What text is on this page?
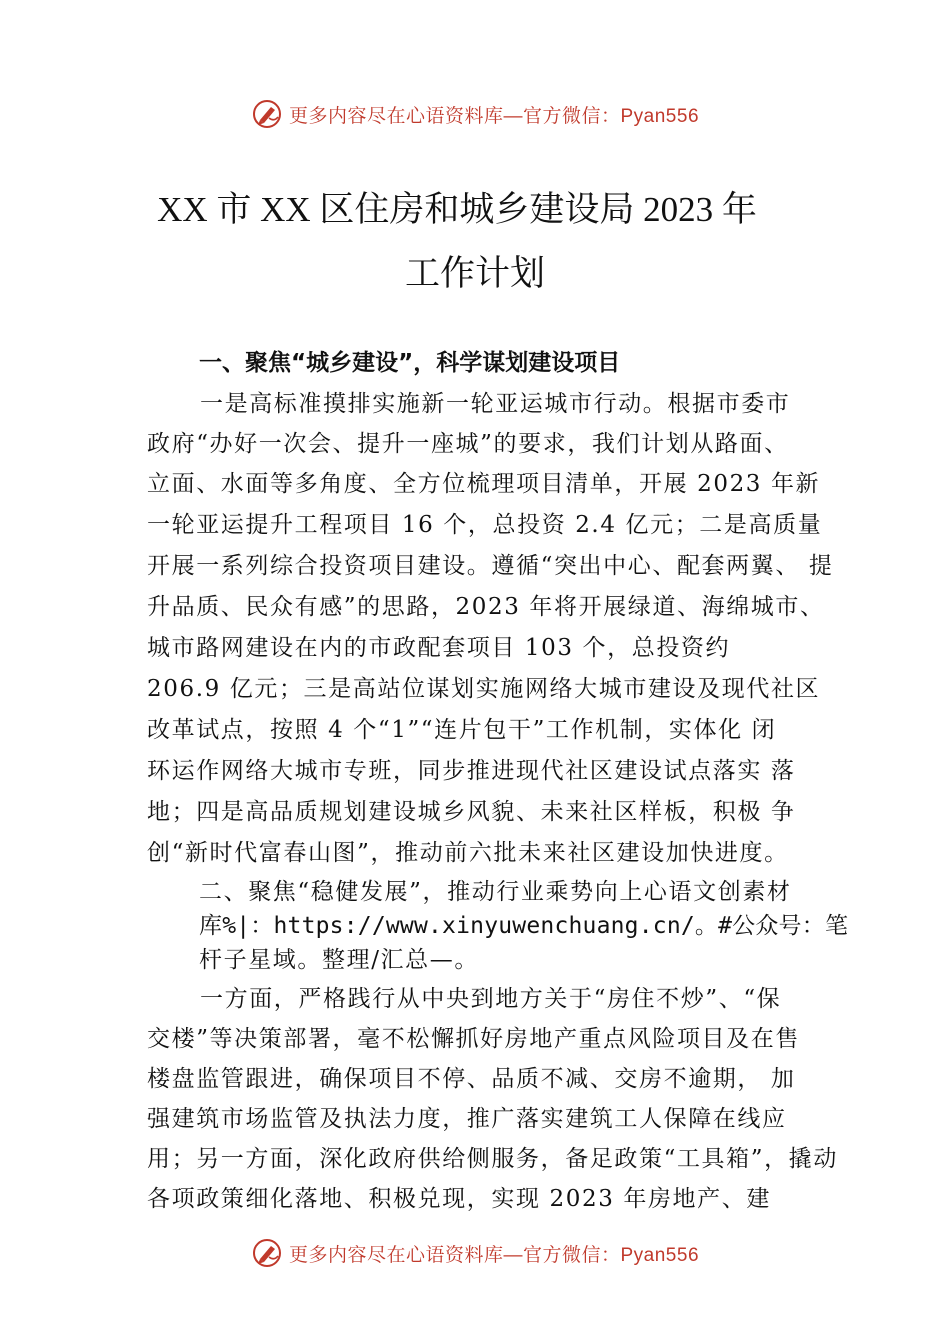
更多内容尽在心语资料库 —官方微信：Pyan556
XX 市 XX 区住房和城乡建设局 2023 年
工作计划
一、聚焦“城乡建设”，科学谋划建设项目
一是高标准摸排实施新一轮亚运城市行动。根据市委市
政府“办好一次会、提升一座城”的要求，我们计划从路面、
立面、水面等多角度、全方位梳理项目清单，开展 2023 年新
一轮亚运提升工程项目 16 个，总投资 2.4 亿元；二是高质量
开展一系列综合投资项目建设。遵循“突出中心、配套两翼、 提
升品质、民众有感”的思路，2023 年将开展绿道、海绵城市、
城市路网建设在内的市政配套项目 103 个，总投资约
206.9 亿元；三是高站位谋划实施网络大城市建设及现代社区
改革试点，按照 4 个“1”“连片包干”工作机制，实体化 闭
环运作网络大城市专班，同步推进现代社区建设试点落实 落
地；四是高品质规划建设城乡风貌、未来社区样板，积极 争
创“新时代富春山图”，推动前六批未来社区建设加快进度。
二、聚焦“稳健发展”，推动行业乘势向上心语文创素材
库%|：https://www.xinyuwenchuang.cn/。#公众号：笔
杆子星域。整理/汇总—。
一方面，严格践行从中央到地方关于“房住不炒”、“保
交楼”等决策部署，毫不松懈抓好房地产重点风险项目及在售
楼盘监管跟进，确保项目不停、品质不减、交房不逾期， 加
强建筑市场监管及执法力度，推广落实建筑工人保障在线应
用；另一方面，深化政府供给侧服务，备足政策“工具箱”，撬动
各项政策细化落地、积极兑现，实现 2023 年房地产、建
更多内容尽在心语资料库 —官方微信：Pyan556
